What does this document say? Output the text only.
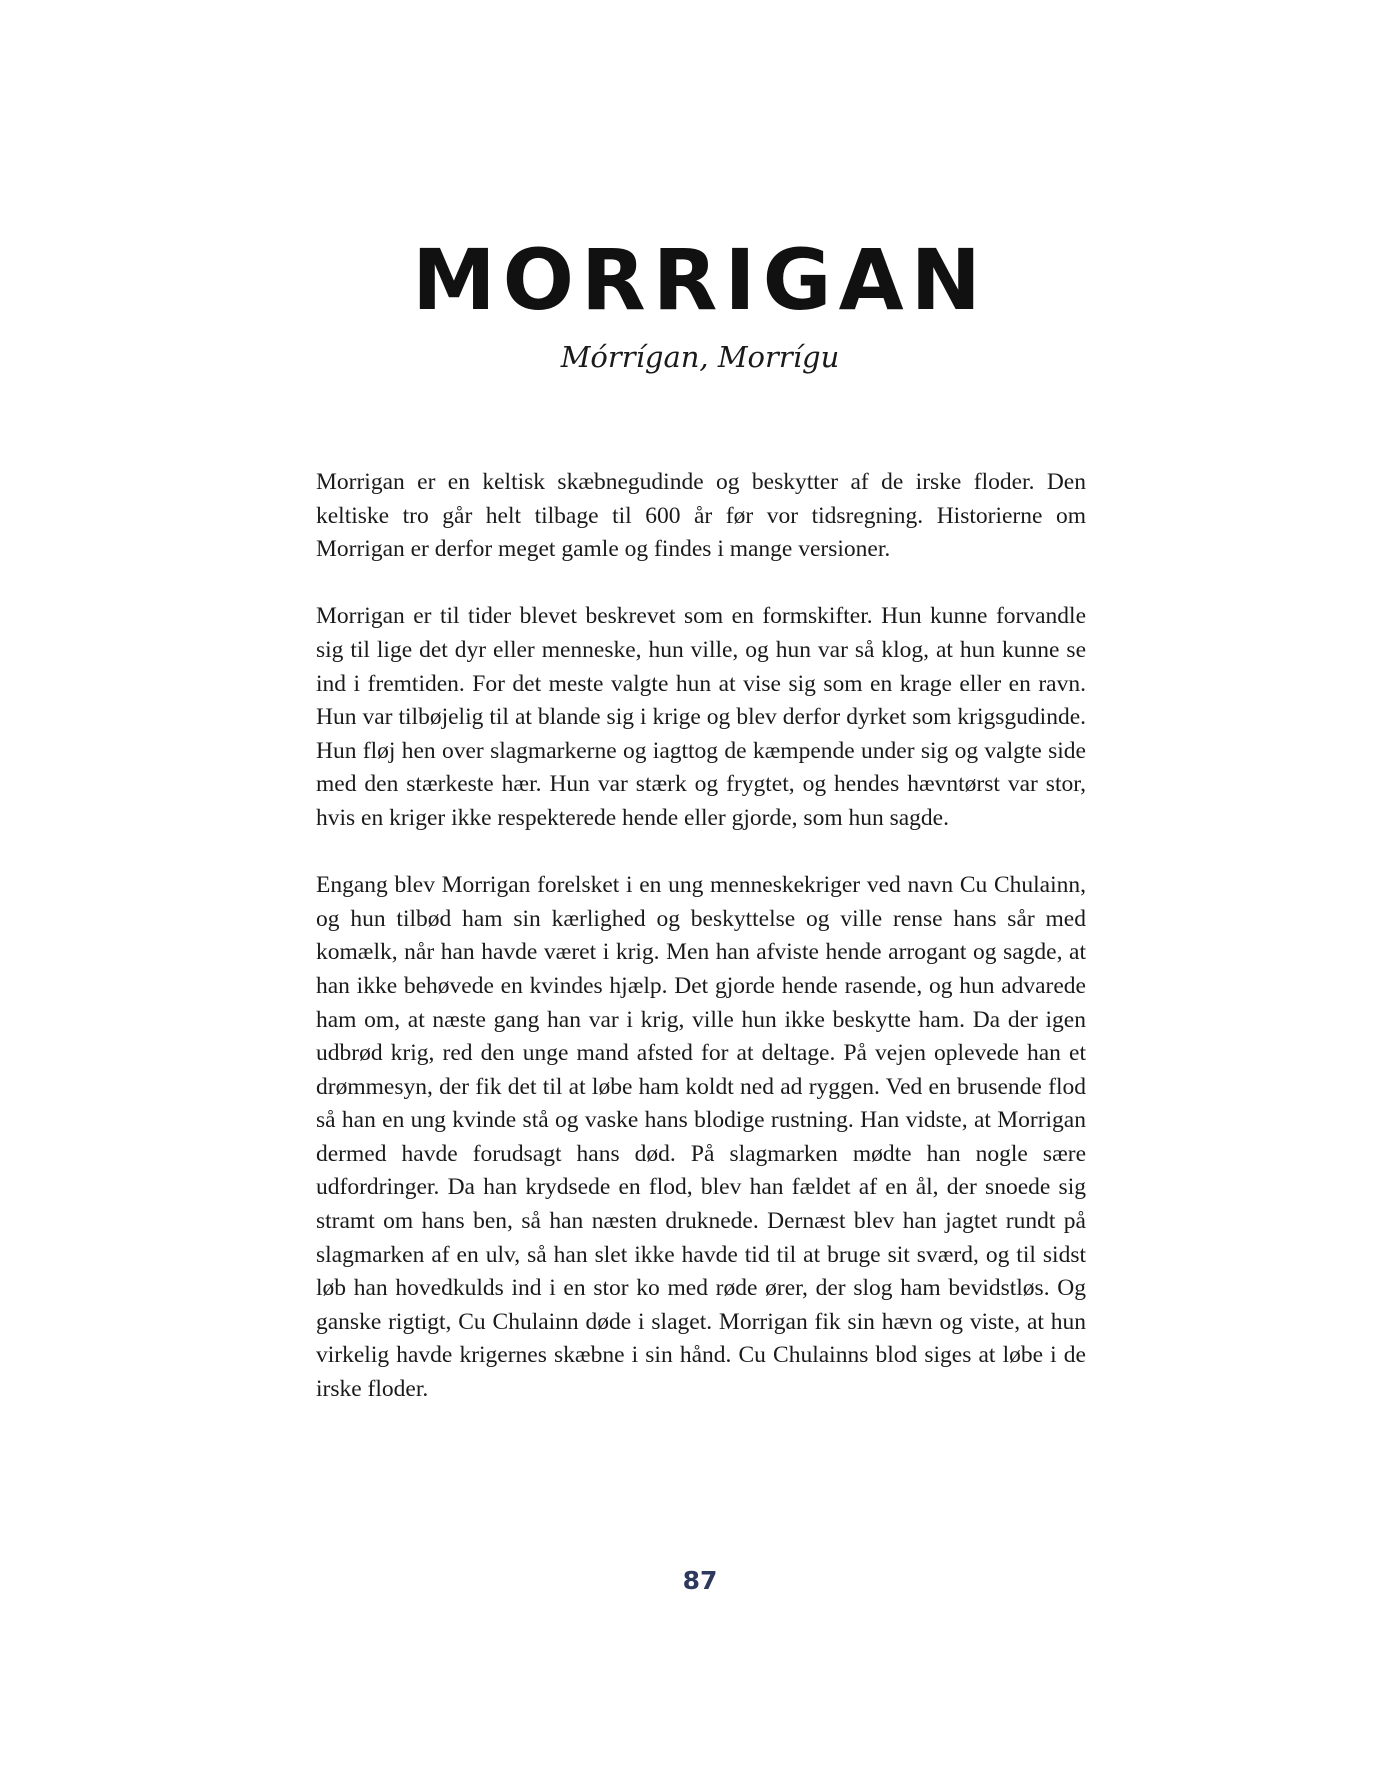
MORRIGAN
Mórrígan, Morrígu

Morrigan er en keltisk skæbnegudinde og beskytter af de irske floder. Den keltiske tro går helt tilbage til 600 år før vor tidsregning. Historierne om Morrigan er derfor meget gamle og findes i mange versioner.

Morrigan er til tider blevet beskrevet som en formskifter. Hun kunne forvandle sig til lige det dyr eller menneske, hun ville, og hun var så klog, at hun kunne se ind i fremtiden. For det meste valgte hun at vise sig som en krage eller en ravn. Hun var tilbøjelig til at blande sig i krige og blev derfor dyrket som krigsgudinde. Hun fløj hen over slagmarkerne og iagttog de kæmpende under sig og valgte side med den stærkeste hær. Hun var stærk og frygtet, og hendes hævntørst var stor, hvis en kriger ikke respekterede hende eller gjorde, som hun sagde.

Engang blev Morrigan forelsket i en ung menneskekriger ved navn Cu Chulainn, og hun tilbød ham sin kærlighed og beskyttelse og ville rense hans sår med komælk, når han havde været i krig. Men han afviste hende arrogant og sagde, at han ikke behøvede en kvindes hjælp. Det gjorde hende rasende, og hun advarede ham om, at næste gang han var i krig, ville hun ikke beskytte ham. Da der igen udbrød krig, red den unge mand afsted for at deltage. På vejen oplevede han et drømmesyn, der fik det til at løbe ham koldt ned ad ryggen. Ved en brusende flod så han en ung kvinde stå og vaske hans blodige rustning. Han vidste, at Morrigan dermed havde forudsagt hans død. På slagmarken mødte han nogle sære udfordringer. Da han krydsede en flod, blev han fældet af en ål, der snoede sig stramt om hans ben, så han næsten druknede. Dernæst blev han jagtet rundt på slagmarken af en ulv, så han slet ikke havde tid til at bruge sit sværd, og til sidst løb han hovedkulds ind i en stor ko med røde ører, der slog ham bevidstløs. Og ganske rigtigt, Cu Chulainn døde i slaget. Morrigan fik sin hævn og viste, at hun virkelig havde krigernes skæbne i sin hånd. Cu Chulainns blod siges at løbe i de irske floder.

87
